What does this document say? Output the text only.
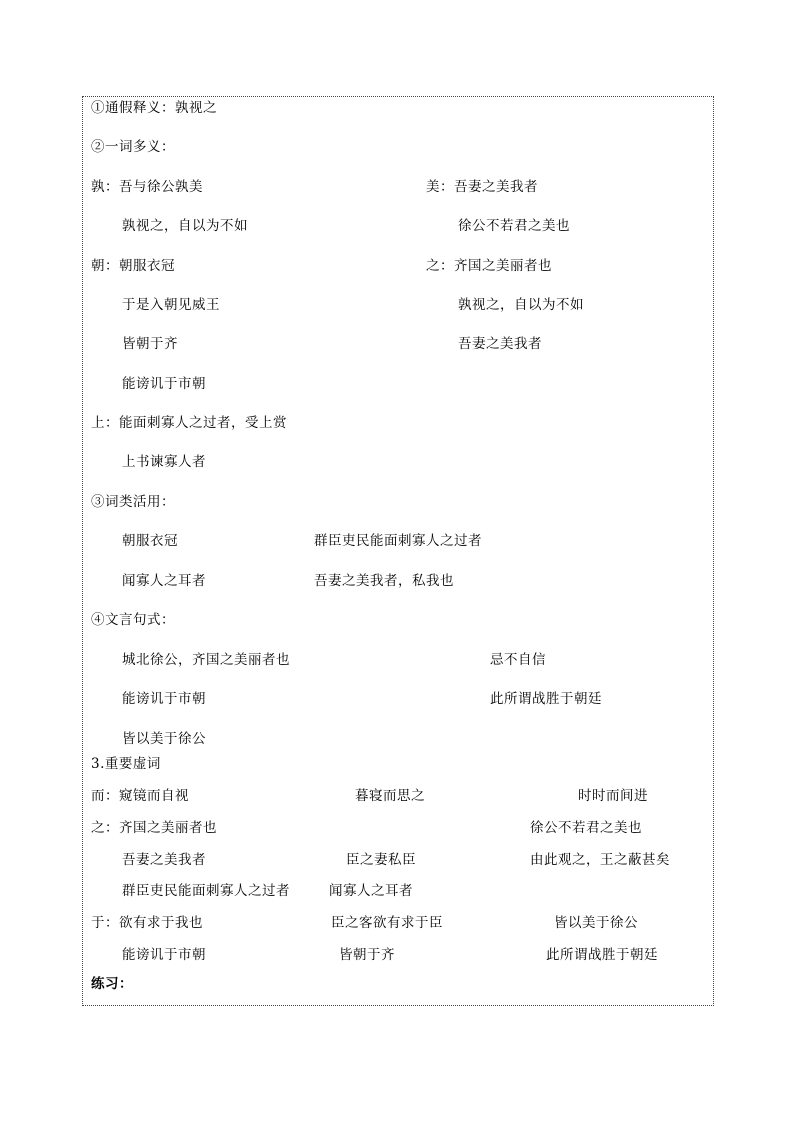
①通假释义：孰视之
②一词多义：
孰：吾与徐公孰美	美：吾妻之美我者
孰视之，自以为不如	徐公不若君之美也
朝：朝服衣冠	之：齐国之美丽者也
于是入朝见威王	孰视之，自以为不如
皆朝于齐	吾妻之美我者
能谤讥于市朝
上：能面刺寡人之过者，受上赏
上书谏寡人者
③词类活用：
朝服衣冠	群臣吏民能面刺寡人之过者
闻寡人之耳者	吾妻之美我者，私我也
④文言句式：
城北徐公，齐国之美丽者也	忌不自信
能谤讥于市朝	此所谓战胜于朝廷
皆以美于徐公
3.重要虚词
而：窥镜而自视	暮寝而思之	时时而间进
之：齐国之美丽者也	徐公不若君之美也
吾妻之美我者	臣之妻私臣	由此观之，王之蔽甚矣
群臣吏民能面刺寡人之过者	闻寡人之耳者
于：欲有求于我也	臣之客欲有求于臣	皆以美于徐公
能谤讥于市朝	皆朝于齐	此所谓战胜于朝廷
练习：
